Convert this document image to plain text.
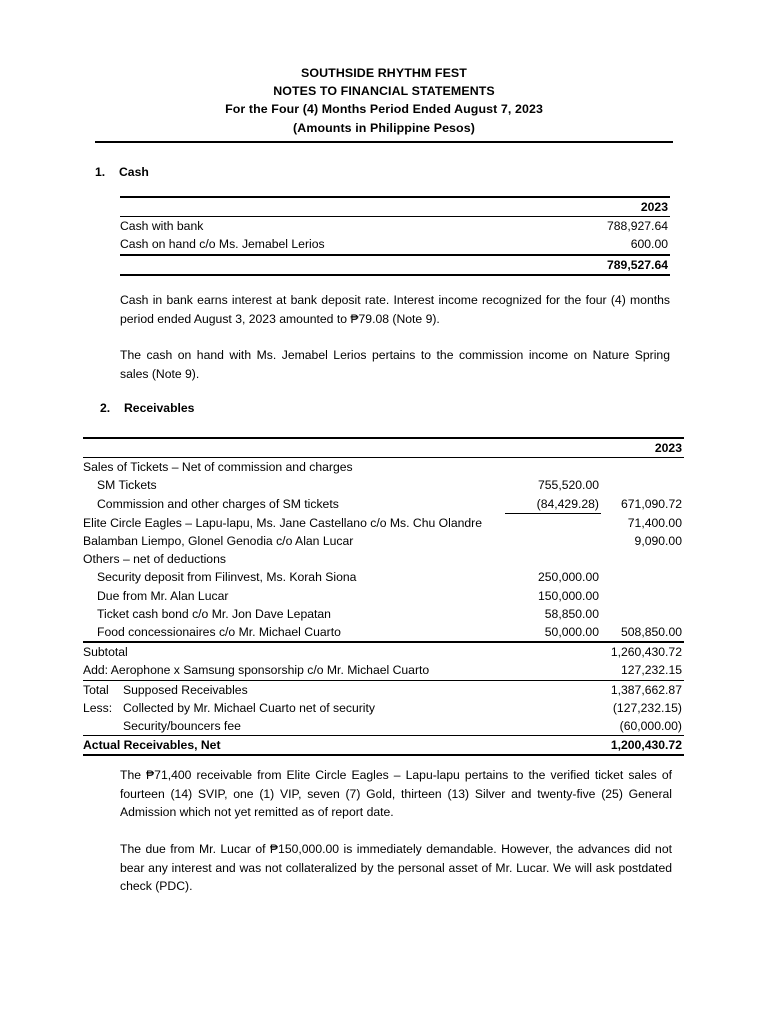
SOUTHSIDE RHYTHM FEST
NOTES TO FINANCIAL STATEMENTS
For the Four (4) Months Period Ended August 7, 2023
(Amounts in Philippine Pesos)
1. Cash
	2023
Cash with bank	788,927.64
Cash on hand c/o Ms. Jemabel Lerios	600.00
	789,527.64
Cash in bank earns interest at bank deposit rate. Interest income recognized for the four (4) months period ended August 3, 2023 amounted to ₱79.08 (Note 9).
The cash on hand with Ms. Jemabel Lerios pertains to the commission income on Nature Spring sales (Note 9).
2. Receivables
			2023
Sales of Tickets – Net of commission and charges			
SM Tickets		755,520.00	
Commission and other charges of SM tickets		(84,429.28)	671,090.72
Elite Circle Eagles – Lapu-lapu, Ms. Jane Castellano c/o Ms. Chu Olandre			71,400.00
Balamban Liempo, Glonel Genodia c/o Alan Lucar			9,090.00
Others – net of deductions			
Security deposit from Filinvest, Ms. Korah Siona		250,000.00	
Due from Mr. Alan Lucar		150,000.00	
Ticket cash bond c/o Mr. Jon Dave Lepatan		58,850.00	
Food concessionaires c/o Mr. Michael Cuarto		50,000.00	508,850.00
Subtotal			1,260,430.72
Add: Aerophone x Samsung sponsorship c/o Mr. Michael Cuarto			127,232.15
Total	Supposed Receivables		1,387,662.87
Less:	Collected by Mr. Michael Cuarto net of security		(127,232.15)
	Security/bouncers fee		(60,000.00)
Actual Receivables, Net			1,200,430.72
The ₱71,400 receivable from Elite Circle Eagles – Lapu-lapu pertains to the verified ticket sales of fourteen (14) SVIP, one (1) VIP, seven (7) Gold, thirteen (13) Silver and twenty-five (25) General Admission which not yet remitted as of report date.
The due from Mr. Lucar of ₱150,000.00 is immediately demandable. However, the advances did not bear any interest and was not collateralized by the personal asset of Mr. Lucar. We will ask postdated check (PDC).
